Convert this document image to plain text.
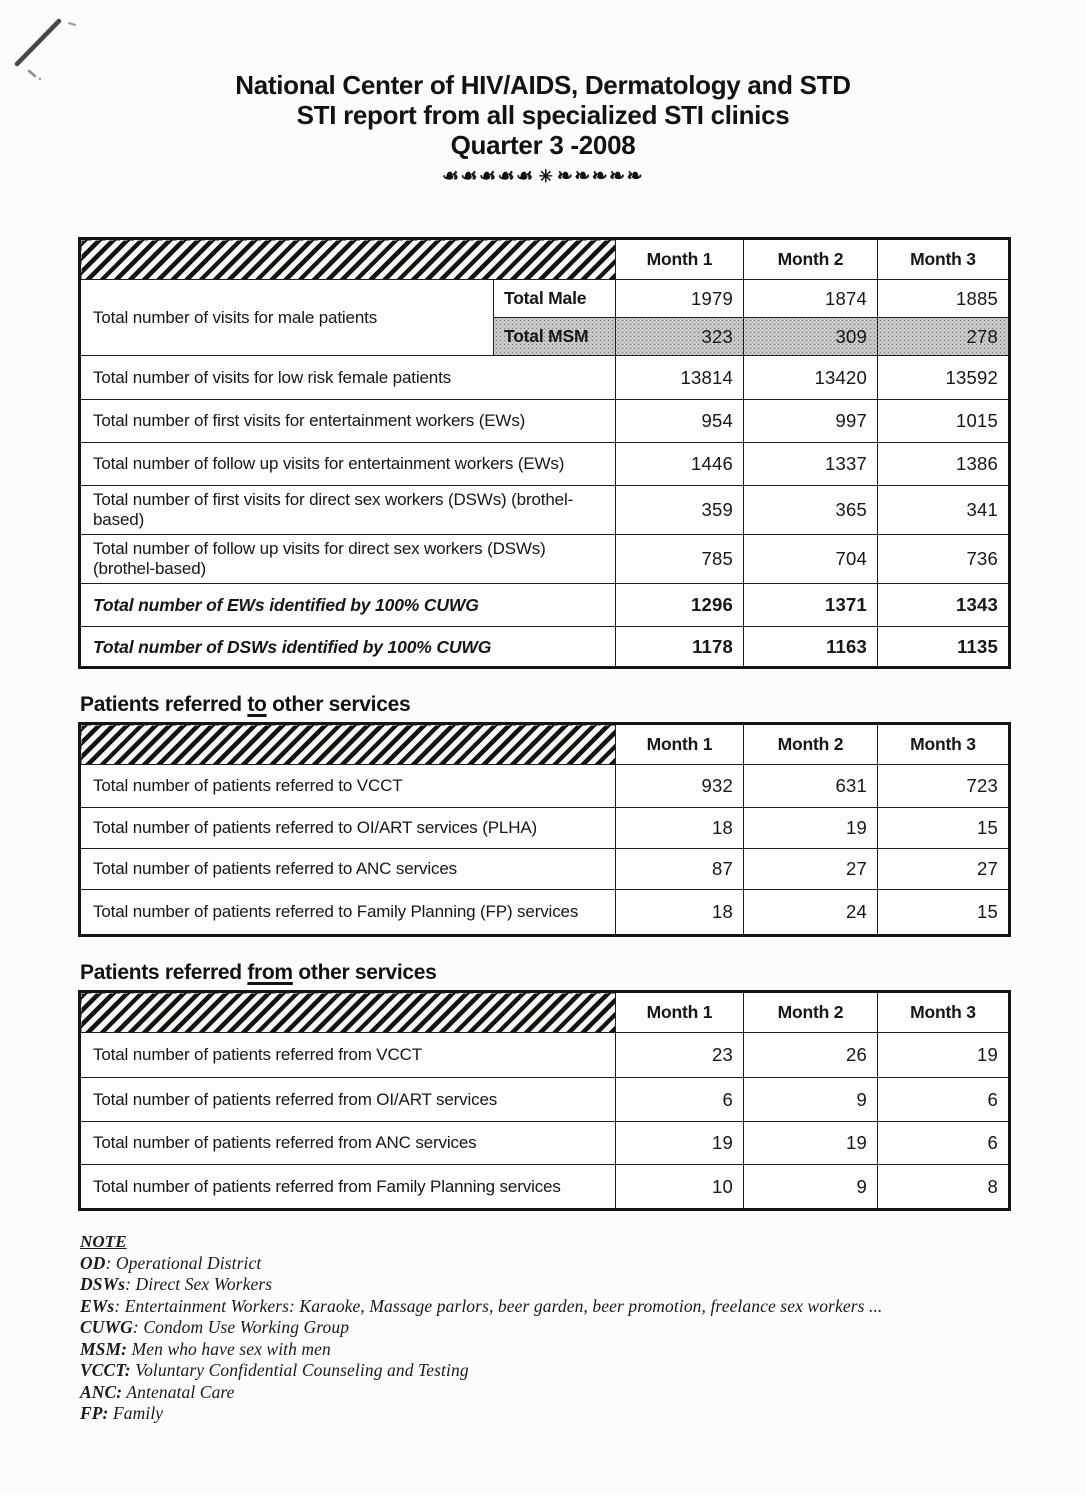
National Center of HIV/AIDS, Dermatology and STD
STI report from all specialized STI clinics
Quarter 3 -2008
☙☙☙☙☙ ✳ ❧❧❧❧❧
		Month 1	Month 2	Month 3
Total number of visits for male patients	Total Male	1979	1874	1885
	Total MSM	323	309	278
Total number of visits for low risk female patients		13814	13420	13592
Total number of first visits for entertainment workers (EWs)		954	997	1015
Total number of follow up visits for entertainment workers (EWs)		1446	1337	1386
Total number of first visits for direct sex workers (DSWs) (brothel-based)		359	365	341
Total number of follow up visits for direct sex workers (DSWs) (brothel-based)		785	704	736
Total number of EWs identified by 100% CUWG		1296	1371	1343
Total number of DSWs identified by 100% CUWG		1178	1163	1135
Patients referred to other services
	Month 1	Month 2	Month 3
Total number of patients referred to VCCT	932	631	723
Total number of patients referred to OI/ART services (PLHA)	18	19	15
Total number of patients referred to ANC services	87	27	27
Total number of patients referred to Family Planning (FP) services	18	24	15
Patients referred from other services
	Month 1	Month 2	Month 3
Total number of patients referred from VCCT	23	26	19
Total number of patients referred from OI/ART services	6	9	6
Total number of patients referred from ANC services	19	19	6
Total number of patients referred from Family Planning services	10	9	8
NOTE
OD: Operational District
DSWs: Direct Sex Workers
EWs: Entertainment Workers: Karaoke, Massage parlors, beer garden, beer promotion, freelance sex workers ...
CUWG: Condom Use Working Group
MSM: Men who have sex with men
VCCT: Voluntary Confidential Counseling and Testing
ANC: Antenatal Care
FP: Family
